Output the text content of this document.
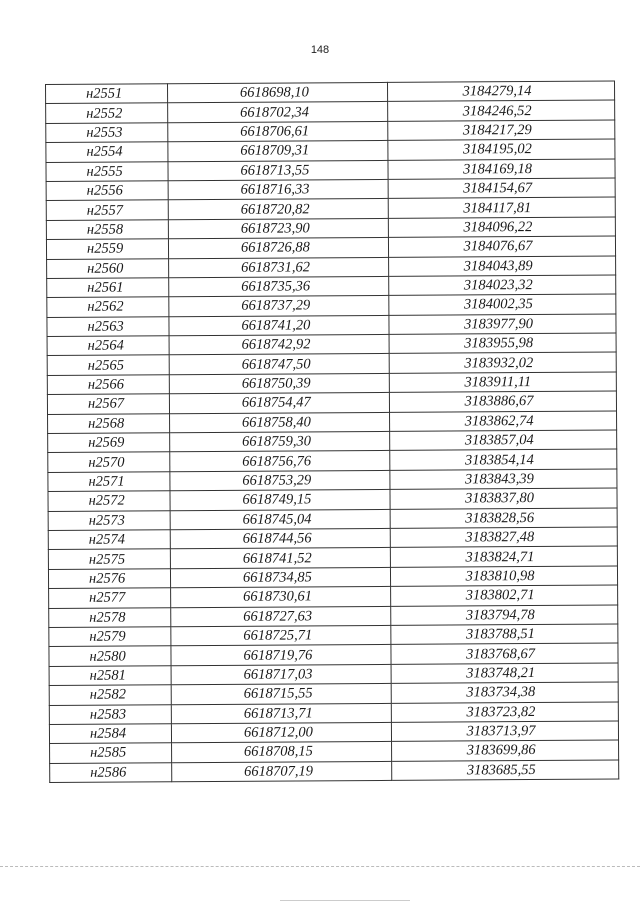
148
н2551	6618698,10	3184279,14
н2552	6618702,34	3184246,52
н2553	6618706,61	3184217,29
н2554	6618709,31	3184195,02
н2555	6618713,55	3184169,18
н2556	6618716,33	3184154,67
н2557	6618720,82	3184117,81
н2558	6618723,90	3184096,22
н2559	6618726,88	3184076,67
н2560	6618731,62	3184043,89
н2561	6618735,36	3184023,32
н2562	6618737,29	3184002,35
н2563	6618741,20	3183977,90
н2564	6618742,92	3183955,98
н2565	6618747,50	3183932,02
н2566	6618750,39	3183911,11
н2567	6618754,47	3183886,67
н2568	6618758,40	3183862,74
н2569	6618759,30	3183857,04
н2570	6618756,76	3183854,14
н2571	6618753,29	3183843,39
н2572	6618749,15	3183837,80
н2573	6618745,04	3183828,56
н2574	6618744,56	3183827,48
н2575	6618741,52	3183824,71
н2576	6618734,85	3183810,98
н2577	6618730,61	3183802,71
н2578	6618727,63	3183794,78
н2579	6618725,71	3183788,51
н2580	6618719,76	3183768,67
н2581	6618717,03	3183748,21
н2582	6618715,55	3183734,38
н2583	6618713,71	3183723,82
н2584	6618712,00	3183713,97
н2585	6618708,15	3183699,86
н2586	6618707,19	3183685,55
